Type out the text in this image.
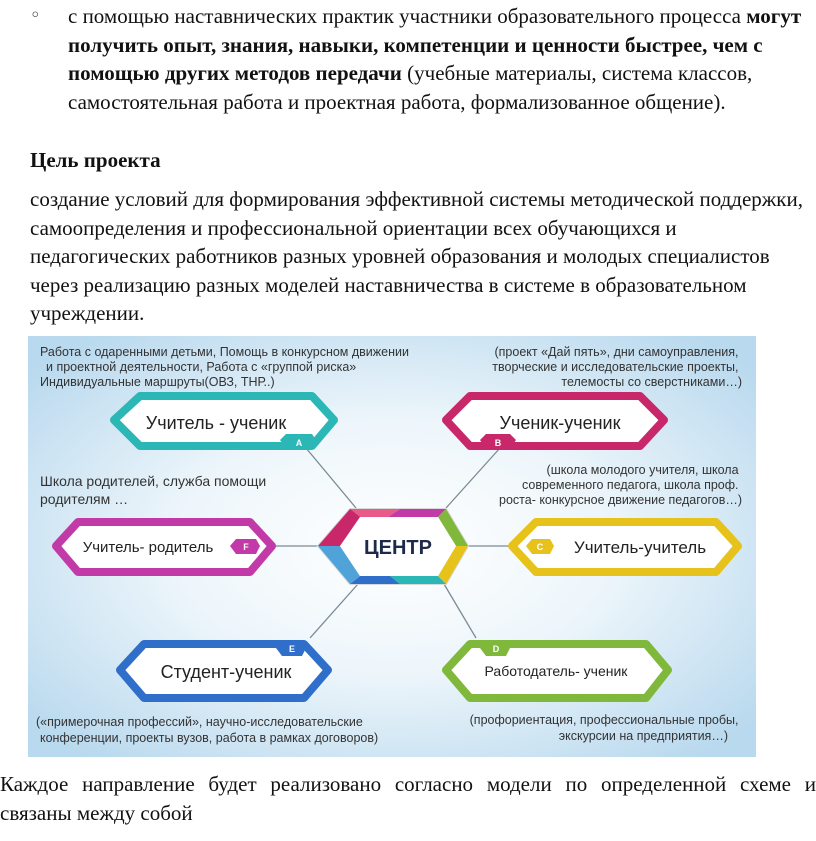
◦ с помощью наставнических практик участники образовательного процесса могут получить опыт, знания, навыки, компетенции и ценности быстрее, чем с помощью других методов передачи (учебные материалы, система классов, самостоятельная работа и проектная работа, формализованное общение).
Цель проекта
создание условий для формирования эффективной системы методической поддержки, самоопределения и профессиональной ориентации всех обучающихся и педагогических работников разных уровней образования и молодых специалистов через реализацию разных моделей наставничества в системе в образовательном учреждении.
ЦЕНТР
Учитель - ученик
A
Ученик-ученик
B
Учитель- родитель	F	Учитель-учитель
C
Студент-ученик
E
Работодатель- ученик
D
Работа с одаренными детьми, Помощь в конкурсном движении и проектной деятельности, Работа с «группой риска» Индивидуальные маршруты(ОВЗ, ТНР..)
(проект «Дай пять», дни самоуправления, творческие и исследовательские проекты, телемосты со сверстниками…)
Школа родителей, служба помощи родителям …
(школа молодого учителя, школа современного педагога, школа проф. роста- конкурсное движение педагогов…)
(«примерочная профессий», научно-исследовательские конференции, проекты вузов, работа в рамках договоров)
(профориентация, профессиональные пробы, экскурсии на предприятия…)
Каждое направление будет реализовано согласно модели по определенной схеме и
связаны между собой
